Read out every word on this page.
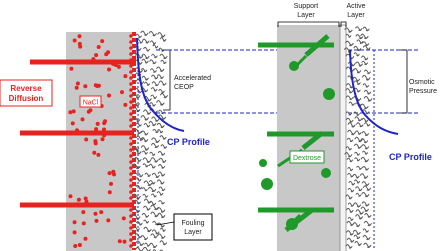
Reverse
Diffusion	NaCl
Accelerated
CEOP
CP Profile
Fouling
Layer
Support
Layer
Active
Layer
Dextrose
Osmotic
Pressure
CP Profile
